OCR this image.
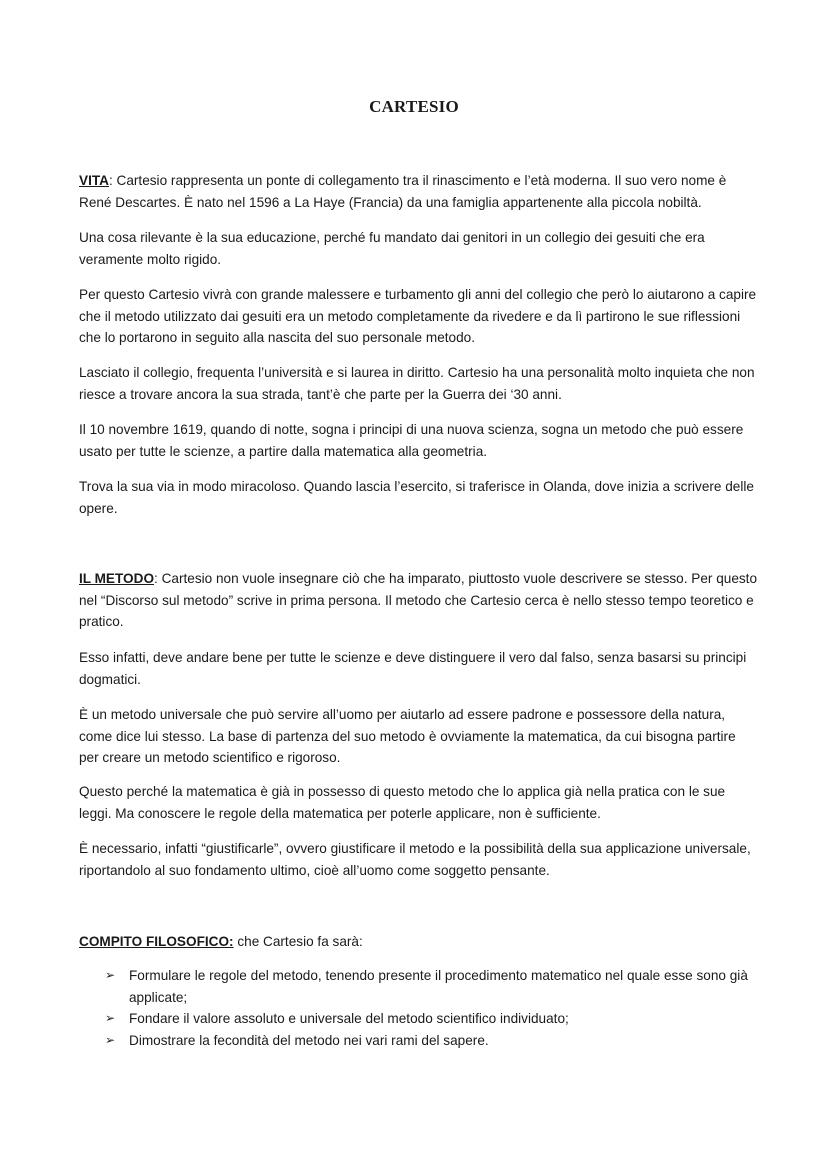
CARTESIO

VITA: Cartesio rappresenta un ponte di collegamento tra il rinascimento e l’età moderna. Il suo vero nome è René Descartes. È nato nel 1596 a La Haye (Francia) da una famiglia appartenente alla piccola nobiltà.

Una cosa rilevante è la sua educazione, perché fu mandato dai genitori in un collegio dei gesuiti che era veramente molto rigido.

Per questo Cartesio vivrà con grande malessere e turbamento gli anni del collegio che però lo aiutarono a capire che il metodo utilizzato dai gesuiti era un metodo completamente da rivedere e da lì partirono le sue riflessioni che lo portarono in seguito alla nascita del suo personale metodo.

Lasciato il collegio, frequenta l’università e si laurea in diritto. Cartesio ha una personalità molto inquieta che non riesce a trovare ancora la sua strada, tant’è che parte per la Guerra dei ‘30 anni.

Il 10 novembre 1619, quando di notte, sogna i principi di una nuova scienza, sogna un metodo che può essere usato per tutte le scienze, a partire dalla matematica alla geometria.

Trova la sua via in modo miracoloso. Quando lascia l’esercito, si traferisce in Olanda, dove inizia a scrivere delle opere.

IL METODO: Cartesio non vuole insegnare ciò che ha imparato, piuttosto vuole descrivere se stesso. Per questo nel “Discorso sul metodo” scrive in prima persona. Il metodo che Cartesio cerca è nello stesso tempo teoretico e pratico.

Esso infatti, deve andare bene per tutte le scienze e deve distinguere il vero dal falso, senza basarsi su principi dogmatici.

È un metodo universale che può servire all’uomo per aiutarlo ad essere padrone e possessore della natura, come dice lui stesso. La base di partenza del suo metodo è ovviamente la matematica, da cui bisogna partire per creare un metodo scientifico e rigoroso.

Questo perché la matematica è già in possesso di questo metodo che lo applica già nella pratica con le sue leggi. Ma conoscere le regole della matematica per poterle applicare, non è sufficiente.

È necessario, infatti “giustificarle”, ovvero giustificare il metodo e la possibilità della sua applicazione universale, riportandolo al suo fondamento ultimo, cioè all’uomo come soggetto pensante.

COMPITO FILOSOFICO: che Cartesio fa sarà:

➢ Formulare le regole del metodo, tenendo presente il procedimento matematico nel quale esse sono già applicate;
➢ Fondare il valore assoluto e universale del metodo scientifico individuato;
➢ Dimostrare la fecondità del metodo nei vari rami del sapere.
